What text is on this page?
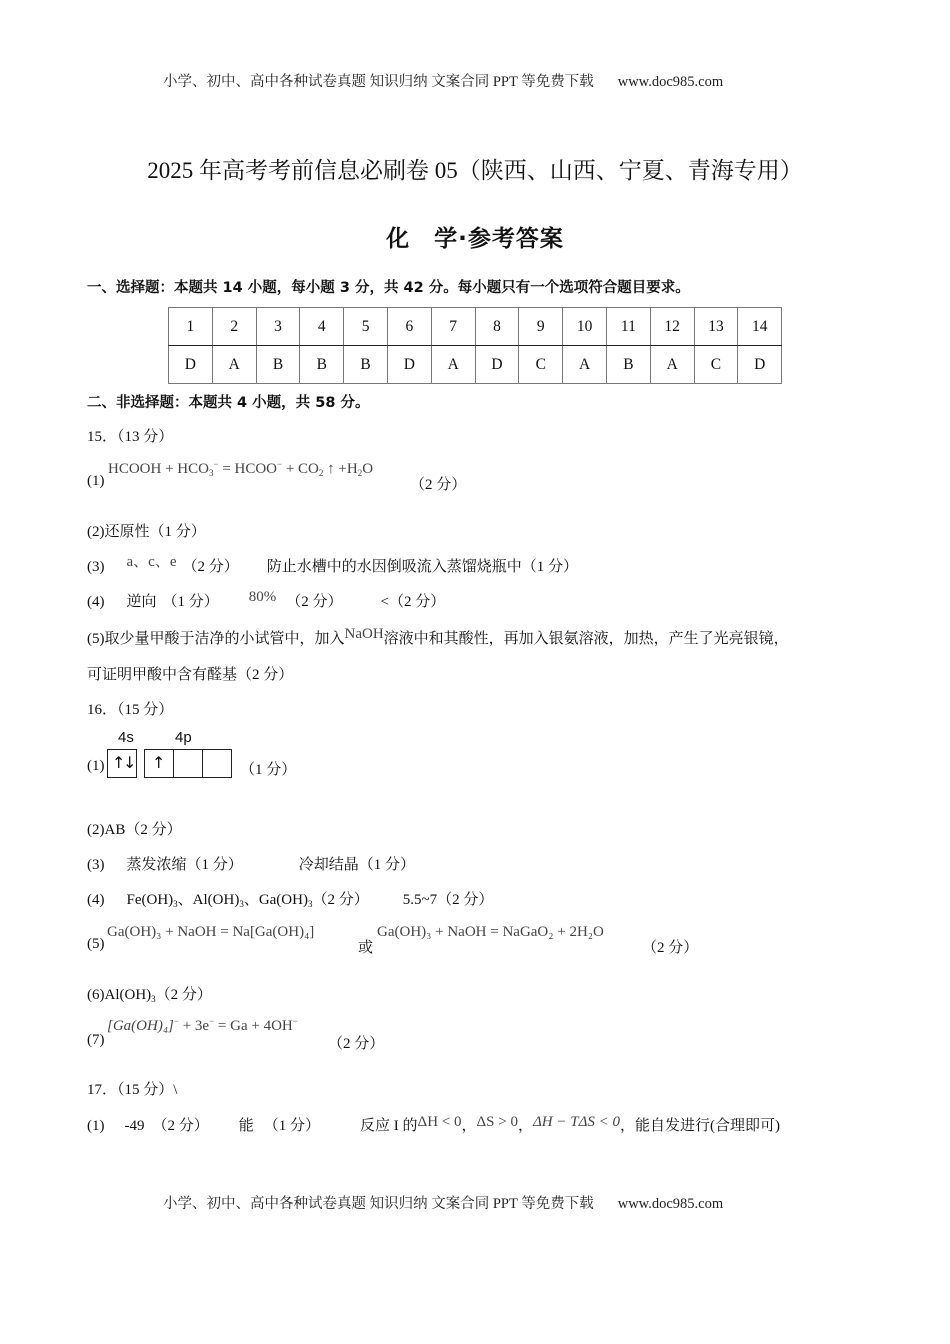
小学、初中、高中各种试卷真题 知识归纳 文案合同 PPT 等免费下载 www.doc985.com
2025 年高考考前信息必刷卷 05（陕西、山西、宁夏、青海专用）
化　学·参考答案
一、选择题：本题共 14 小题，每小题 3 分，共 42 分。每小题只有一个选项符合题目要求。
1	2	3	4	5	6	7	8	9	10	11	12	13	14
D	A	B	B	B	D	A	D	C	A	B	A	C	D
二、非选择题：本题共 4 小题，共 58 分。
15．（13 分）
(1)
HCOOH + $HCO_3^-$ = HCOO− + $CO_2$ ↑ $+H_2O$
（2 分）
(2)还原性（1 分）
(3) a、c、e （2 分） 防止水槽中的水因倒吸流入蒸馏烧瓶中（1 分）
(4) 逆向 （1 分） 80% （2 分）	<（2 分）
(5)取少量甲酸于洁净的小试管中，加入NaOH溶液中和其酸性，再加入银氨溶液，加热，产生了光亮银镜，
可证明甲酸中含有醛基（2 分）
16．（15 分）
4s	4p
(1) ↑
↓ ↑	（1 分）
(2)AB（2 分）
(3) 蒸发浓缩（1 分）	冷却结晶（1 分）
(4) $Fe(OH)_3$、$Al(OH)_3$、$Ga(OH)_3(2$ 分） 5.5~7（2 分）
(5)
Ga(OH)₃ + NaOH = Na[Ga(OH)₄]
或
Ga(OH)₃ + NaOH = NaGaO₂ + 2H₂O
（2 分）
$(6)Al(OH)_3(2$ 分）
(7)
[Ga(OH)₄]− + 3e− = Ga + 4OH−
（2 分）
17．（15 分）\
(1) -49 （2 分） 能 （1 分）	反应 I 的ΔH < 0，ΔS > 0，ΔH − TΔS < 0，能自发进行(合理即可)
小学、初中、高中各种试卷真题 知识归纳 文案合同 PPT 等免费下载 www.doc985.com
